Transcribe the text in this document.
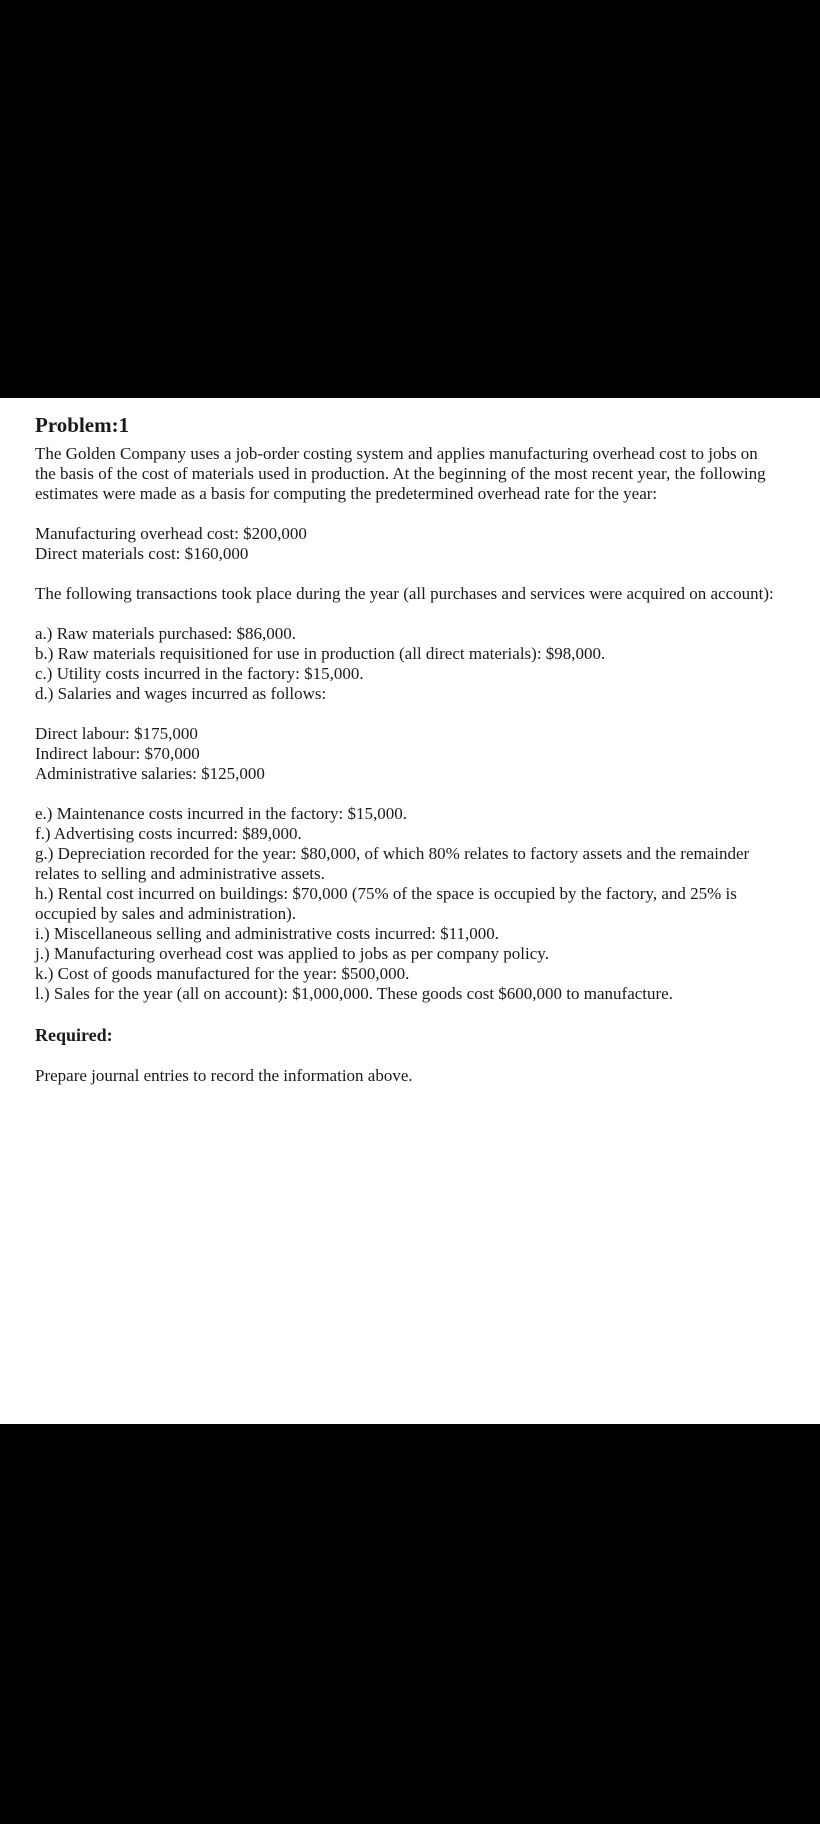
Problem:1

The Golden Company uses a job-order costing system and applies manufacturing overhead cost to jobs on the basis of the cost of materials used in production. At the beginning of the most recent year, the following estimates were made as a basis for computing the predetermined overhead rate for the year:

Manufacturing overhead cost: $200,000
Direct materials cost: $160,000

The following transactions took place during the year (all purchases and services were acquired on account):

a.) Raw materials purchased: $86,000.
b.) Raw materials requisitioned for use in production (all direct materials): $98,000.
c.) Utility costs incurred in the factory: $15,000.
d.) Salaries and wages incurred as follows:
Direct labour: $175,000
Indirect labour: $70,000
Administrative salaries: $125,000
e.) Maintenance costs incurred in the factory: $15,000.
f.) Advertising costs incurred: $89,000.
g.) Depreciation recorded for the year: $80,000, of which 80% relates to factory assets and the remainder relates to selling and administrative assets.
h.) Rental cost incurred on buildings: $70,000 (75% of the space is occupied by the factory, and 25% is occupied by sales and administration).
i.) Miscellaneous selling and administrative costs incurred: $11,000.
j.) Manufacturing overhead cost was applied to jobs as per company policy.
k.) Cost of goods manufactured for the year: $500,000.
l.) Sales for the year (all on account): $1,000,000. These goods cost $600,000 to manufacture.
Required:

Prepare journal entries to record the information above.
